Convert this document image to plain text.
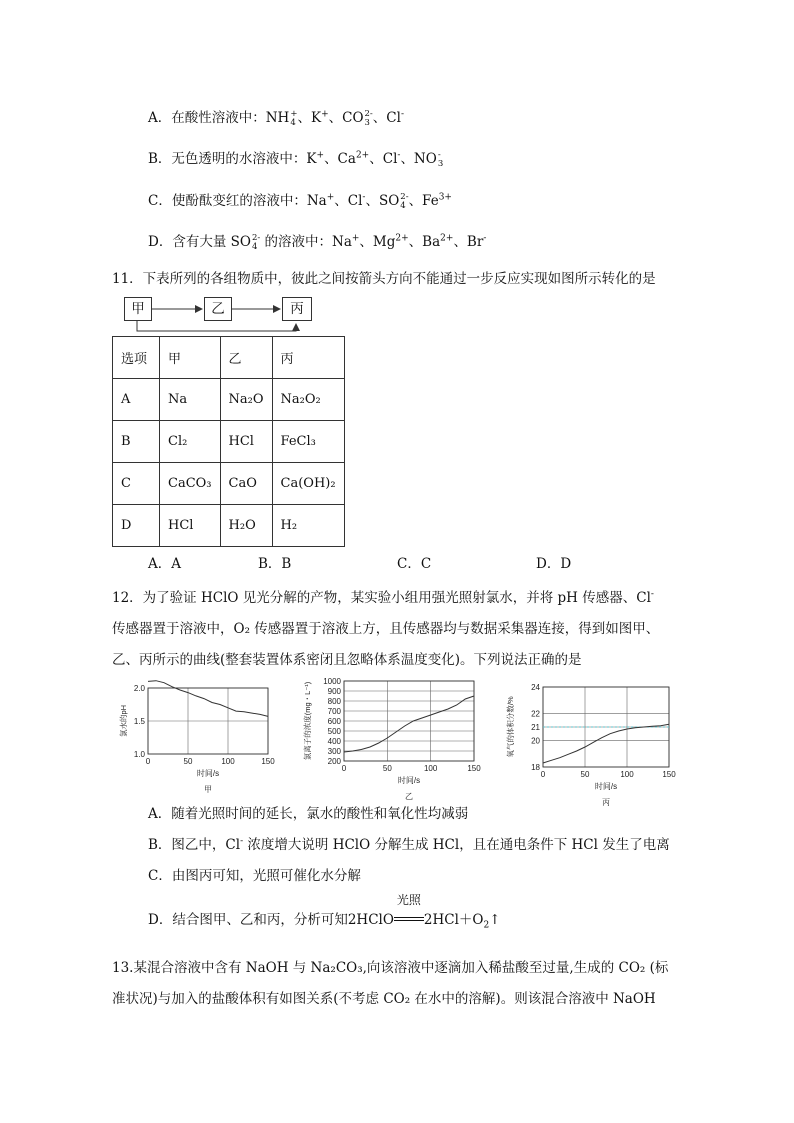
A．在酸性溶液中：NH +
4 、K+、CO 2-
3 、Cl-
B．无色透明的水溶液中：K+、$Ca^{2+}$、Cl-、NO -
3
C．使酚酞变红的溶液中：Na+、Cl-、SO 2-
4 、$Fe^{3+}$
D．含有大量 SO 2-
4 的溶液中：Na+、$Mg^{2+}$、$Ba^{2+}$、Br-
11．下表所列的各组物质中，彼此之间按箭头方向不能通过一步反应实现如图所示转化的是
甲	乙	丙
选项	甲	乙	丙
A	Na	Na₂O	Na₂O₂
B	Cl₂	HCl	FeCl₃
C	CaCO₃	CaO	Ca(OH)₂
D	HCl	H₂O	H₂
A．A	B．B	C．C	D．D
12．为了验证 HClO 见光分解的产物，某实验小组用强光照射氯水，并将 pH 传感器、Cl-
传感器置于溶液中，O₂ 传感器置于溶液上方，且传感器均与数据采集器连接，得到如图甲、
乙、丙所示的曲线(整套装置体系密闭且忽略体系温度变化)。下列说法正确的是
0	50	100	150
1.0
1.5
2.0
时间/s
氯水的pH
甲
0	50	100	150
200
300
400
500
600
700
800
900
1000
时间/s
氯离子的浓度(mg・L⁻¹)
乙
0	50	100	150
18
20
21
22
24
时间/s
氧气的体积分数/%
丙
A．随着光照时间的延长，氯水的酸性和氧化性均减弱
B．图乙中，Cl- 浓度增大说明 HClO 分解生成 HCl，且在通电条件下 HCl 发生了电离
C．由图丙可知，光照可催化水分解
D．结合图甲、乙和丙，分析可知2HClO
光照
$2HCl+O_2↑$
13.某混合溶液中含有 NaOH 与 Na₂CO₃,向该溶液中逐滴加入稀盐酸至过量,生成的 CO₂ (标
准状况)与加入的盐酸体积有如图关系(不考虑 CO₂ 在水中的溶解)。则该混合溶液中 NaOH
